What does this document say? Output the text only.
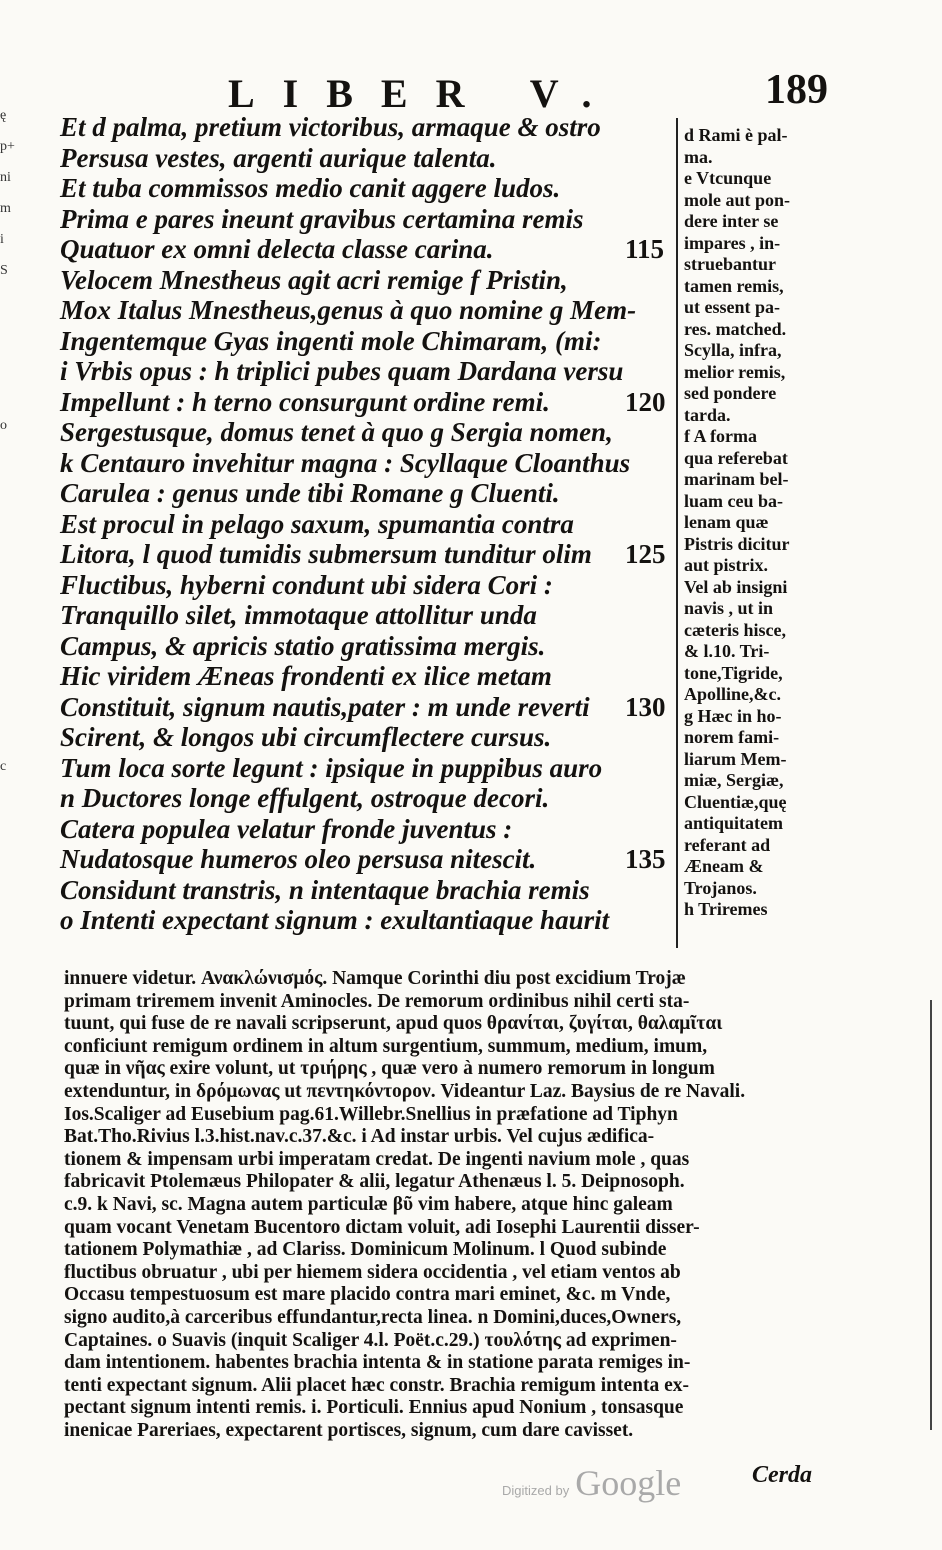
LIBER V.	189
ę
p+
ni
m
i
S
o
c
Et d palma, pretium victoribus, armaque & ostro
Persusa vestes, argenti aurique talenta.
Et tuba commissos medio canit aggere ludos.
Prima e pares ineunt gravibus certamina remis
Quatuor ex omni delecta classe carina.	115
Velocem Mnestheus agit acri remige f Pristin,
Mox Italus Mnestheus,genus à quo nomine g Mem-
Ingentemque Gyas ingenti mole Chimaram, (mi:
i Vrbis opus : h triplici pubes quam Dardana versu
Impellunt : h terno consurgunt ordine remi.	120
Sergestusque, domus tenet à quo g Sergia nomen,
k Centauro invehitur magna : Scyllaque Cloanthus
Carulea : genus unde tibi Romane g Cluenti.
Est procul in pelago saxum, spumantia contra
Litora, l quod tumidis submersum tunditur olim 125
Fluctibus, hyberni condunt ubi sidera Cori :
Tranquillo silet, immotaque attollitur unda
Campus, & apricis statio gratissima mergis.
Hic viridem Æneas frondenti ex ilice metam
Constituit, signum nautis,pater : m unde reverti 130
Scirent, & longos ubi circumflectere cursus.
Tum loca sorte legunt : ipsique in puppibus auro
n Ductores longe effulgent, ostroque decori.
Catera populea velatur fronde juventus :
Nudatosque humeros oleo persusa nitescit.	135
Considunt transtris, n intentaque brachia remis
o Intenti expectant signum : exultantiaque haurit
d Rami è pal-
ma.
e Vtcunque
mole aut pon-
dere inter se
impares , in-
struebantur
tamen remis,
ut essent pa-
res. matched.
Scylla, infra,
melior remis,
sed pondere
tarda.
f A forma
qua referebat
marinam bel-
luam ceu ba-
lenam quæ
Pistris dicitur
aut pistrix.
Vel ab insigni
navis , ut in
cæteris hisce,
& l.10. Tri-
tone,Tigride,
Apolline,&c.
g Hæc in ho-
norem fami-
liarum Mem-
miæ, Sergiæ,
Cluentiæ,quę
antiquitatem
referant ad
Æneam &
Trojanos.
h Triremes
innuere videtur. Ανακλώνισμός. Namque Corinthi diu post excidium Trojæ
primam triremem invenit Aminocles. De remorum ordinibus nihil certi sta-
tuunt, qui fuse de re navali scripserunt, apud quos θρανίται, ζυγίται, θαλαμῖται
conficiunt remigum ordinem in altum surgentium, summum, medium, imum,
quæ in νῆας exire volunt, ut τριήρης , quæ vero à numero remorum in longum
extenduntur, in δρόμωνας ut πεντηκόντορον. Videantur Laz. Baysius de re Navali.
Ios.Scaliger ad Eusebium pag.61.Willebr.Snellius in præfatione ad Tiphyn
Bat.Tho.Rivius l.3.hist.nav.c.37.&c. i Ad instar urbis. Vel cujus ædifica-
tionem & impensam urbi imperatam credat. De ingenti navium mole , quas
fabricavit Ptolemæus Philopater & alii, legatur Athenæus l. 5. Deipnosoph.
c.9. k Navi, sc. Magna autem particulæ βῦ vim habere, atque hinc galeam
quam vocant Venetam Bucentoro dictam voluit, adi Iosephi Laurentii disser-
tationem Polymathiæ , ad Clariss. Dominicum Molinum. l Quod subinde
fluctibus obruatur , ubi per hiemem sidera occidentia , vel etiam ventos ab
Occasu tempestuosum est mare placido contra mari eminet, &c. m Vnde,
signo audito,à carceribus effundantur,recta linea. n Domini,duces,Owners,
Captaines. o Suavis (inquit Scaliger 4.l. Poët.c.29.) τουλότης ad exprimen-
dam intentionem. habentes brachia intenta & in statione parata remiges in-
tenti expectant signum. Alii placet hæc constr. Brachia remigum intenta ex-
pectant signum intenti remis. i. Porticuli. Ennius apud Nonium , tonsasque
inenicae Pareriaes, expectarent portisces, signum, cum dare cavisset.
Cerda
Digitized by Google
